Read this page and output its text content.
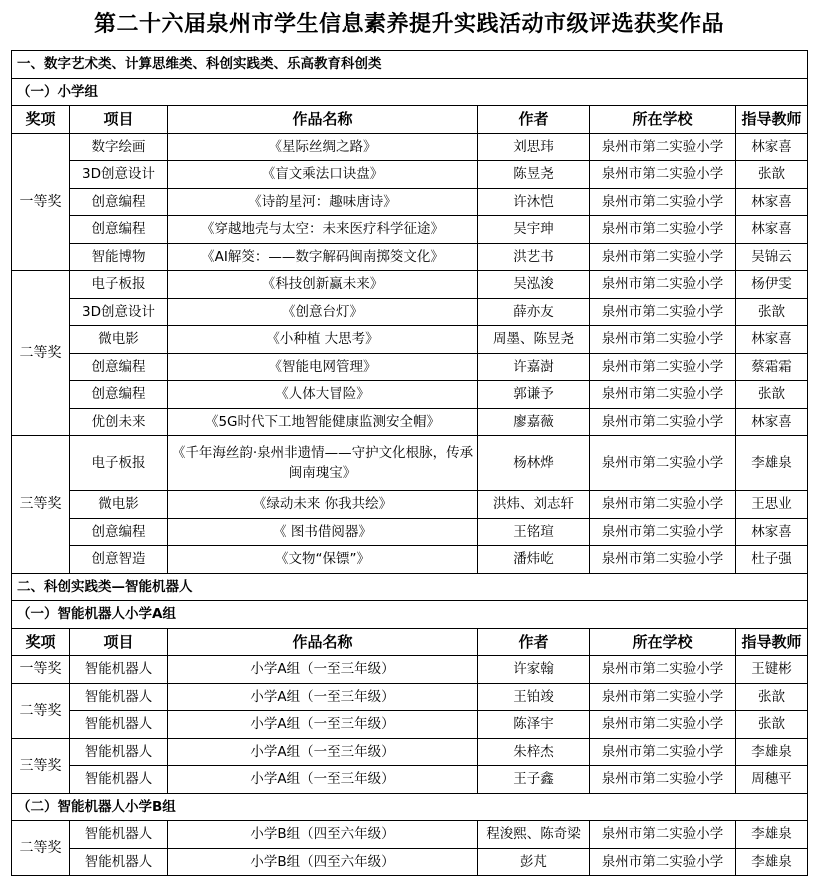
第二十六届泉州市学生信息素养提升实践活动市级评选获奖作品
一、数字艺术类、计算思维类、科创实践类、乐高教育科创类					
（一）小学组					
奖项	项目	作品名称	作者	所在学校	指导教师
一等奖	数字绘画	《星际丝绸之路》	刘思玮	泉州市第二实验小学	林家喜
	3D创意设计	《盲文乘法口诀盘》	陈昱尧	泉州市第二实验小学	张歆
	创意编程	《诗韵星河：趣味唐诗》	许沐恺	泉州市第二实验小学	林家喜
	创意编程	《穿越地壳与太空：未来医疗科学征途》	吴宇珅	泉州市第二实验小学	林家喜
	智能博物	《AI解筊：——数字解码闽南掷筊文化》	洪艺书	泉州市第二实验小学	吴锦云
二等奖	电子板报	《科技创新赢未来》	吴泓浚	泉州市第二实验小学	杨伊雯
	3D创意设计	《创意台灯》	薛亦友	泉州市第二实验小学	张歆
	微电影	《小种植 大思考》	周墨、陈昱尧	泉州市第二实验小学	林家喜
	创意编程	《智能电网管理》	许嘉澍	泉州市第二实验小学	蔡霜霜
	创意编程	《人体大冒险》	郭谦予	泉州市第二实验小学	张歆
	优创未来	《5G时代下工地智能健康监测安全帽》	廖嘉薇	泉州市第二实验小学	林家喜
三等奖	电子板报	《千年海丝韵·泉州非遗情——守护文化根脉，传承闽南瑰宝》	杨林烨	泉州市第二实验小学	李雄泉
	微电影	《绿动未来 你我共绘》	洪炜、刘志轩	泉州市第二实验小学	王思业
	创意编程	《 图书借阅器》	王铭瑄	泉州市第二实验小学	林家喜
	创意智造	《文物“保镖”》	潘炜屹	泉州市第二实验小学	杜子强
二、科创实践类—智能机器人					
（一）智能机器人小学A组					
奖项	项目	作品名称	作者	所在学校	指导教师
一等奖	智能机器人	小学A组（一至三年级）	许家翰	泉州市第二实验小学	王键彬
二等奖	智能机器人	小学A组（一至三年级）	王铂竣	泉州市第二实验小学	张歆
	智能机器人	小学A组（一至三年级）	陈泽宇	泉州市第二实验小学	张歆
三等奖	智能机器人	小学A组（一至三年级）	朱梓杰	泉州市第二实验小学	李雄泉
	智能机器人	小学A组（一至三年级）	王子鑫	泉州市第二实验小学	周穗平
（二）智能机器人小学B组					
二等奖	智能机器人	小学B组（四至六年级）	程浚熙、陈奇梁	泉州市第二实验小学	李雄泉
	智能机器人	小学B组（四至六年级）	彭芃	泉州市第二实验小学	李雄泉
